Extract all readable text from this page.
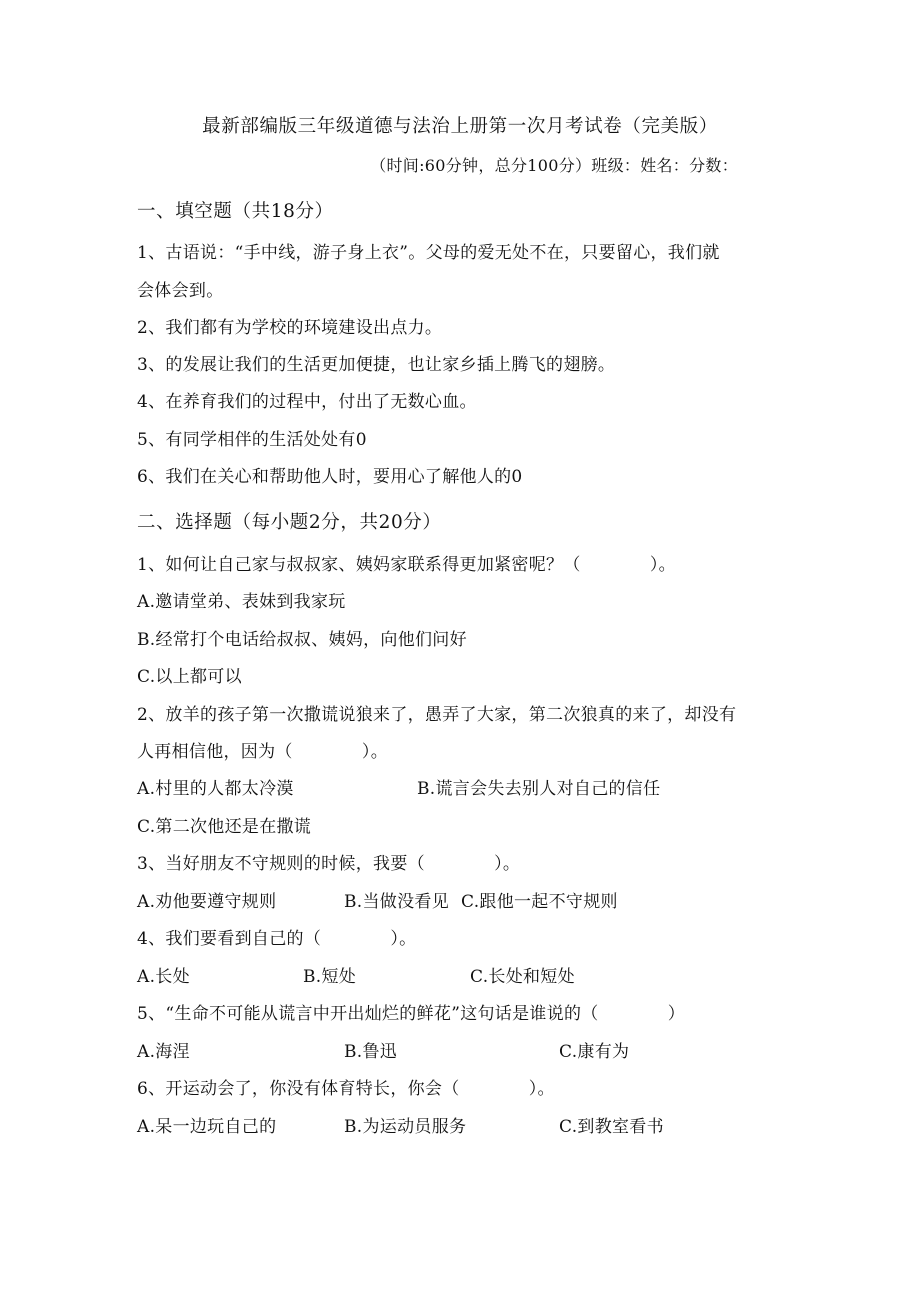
最新部编版三年级道德与法治上册第一次月考试卷（完美版）
（时间:60分钟，总分100分）班级：姓名：分数：
一、填空题（共18分）
1、古语说：“手中线，游子身上衣”。父母的爱无处不在，只要留心，我们就
会体会到。
2、我们都有为学校的环境建设出点力。
3、的发展让我们的生活更加便捷，也让家乡插上腾飞的翅膀。
4、在养育我们的过程中，付出了无数心血。
5、有同学相伴的生活处处有0
6、我们在关心和帮助他人时，要用心了解他人的0
二、选择题（每小题2分，共20分）
1、如何让自己家与叔叔家、姨妈家联系得更加紧密呢？（　　　　）。
A.邀请堂弟、表妹到我家玩
B.经常打个电话给叔叔、姨妈，向他们问好
C.以上都可以
2、放羊的孩子第一次撒谎说狼来了，愚弄了大家，第二次狼真的来了，却没有
人再相信他，因为（　　　　）。
A.村里的人都太冷漠	B.谎言会失去别人对自己的信任
C.第二次他还是在撒谎
3、当好朋友不守规则的时候，我要（　　　　）。
A.劝他要遵守规则	B.当做没看见 C.跟他一起不守规则
4、我们要看到自己的（　　　　）。
A.长处	B.短处	C.长处和短处
5、“生命不可能从谎言中开出灿烂的鲜花”这句话是谁说的（　　　　）
A.海涅	B.鲁迅	C.康有为
6、开运动会了，你没有体育特长，你会（　　　　）。
A.呆一边玩自己的	B.为运动员服务	C.到教室看书
